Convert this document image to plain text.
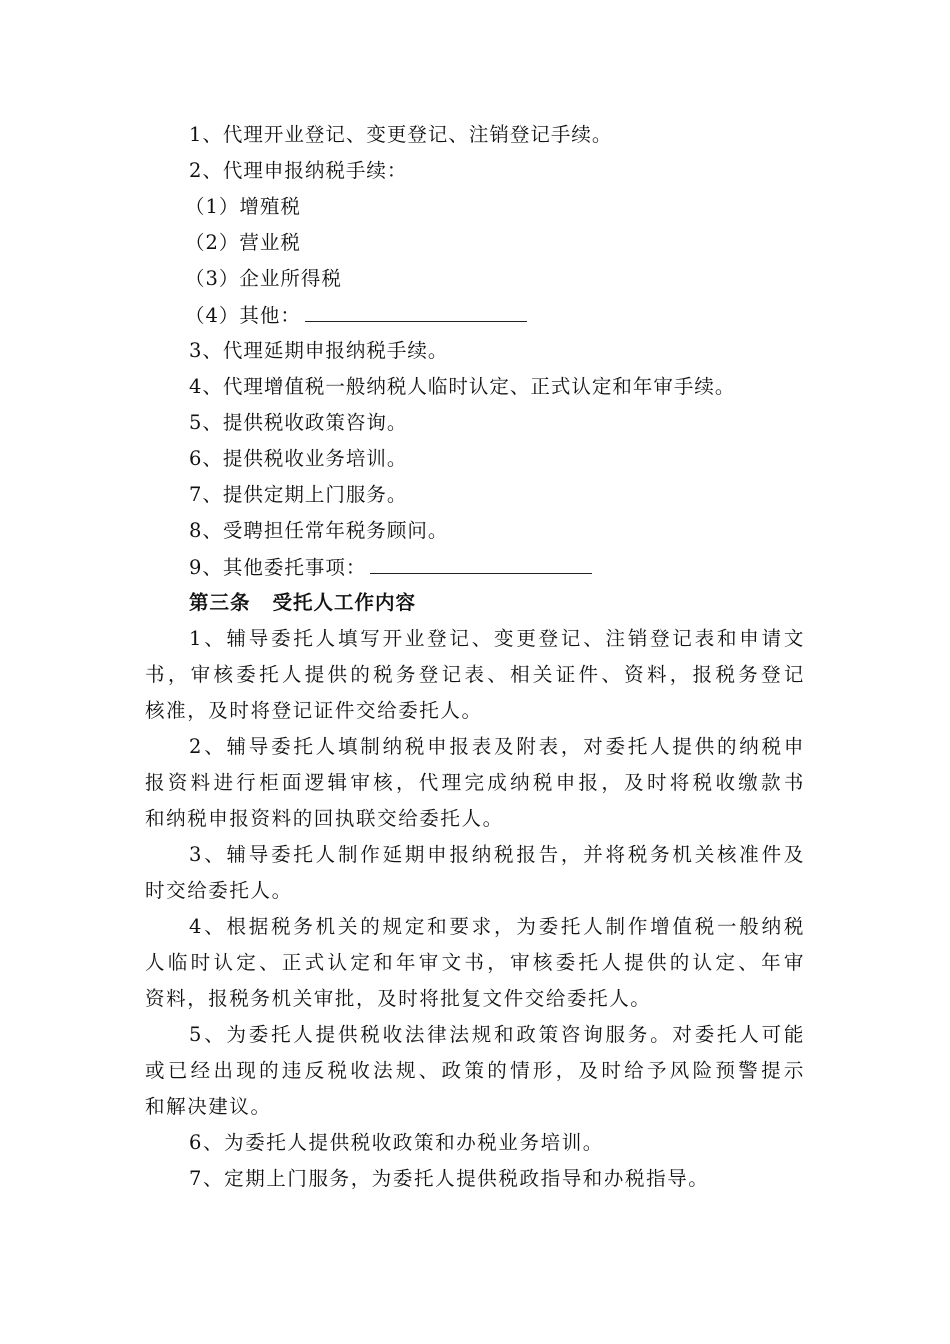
1、代理开业登记、变更登记、注销登记手续。
2、代理申报纳税手续：
（1）增殖税
（2）营业税
（3）企业所得税
（4）其他：
3、代理延期申报纳税手续。
4、代理增值税一般纳税人临时认定、正式认定和年审手续。
5、提供税收政策咨询。
6、提供税收业务培训。
7、提供定期上门服务。
8、受聘担任常年税务顾问。
9、其他委托事项：
第三条 受托人工作内容
1、辅导委托人填写开业登记、变更登记、注销登记表和申请文
书，审核委托人提供的税务登记表、相关证件、资料，报税务登记
核准，及时将登记证件交给委托人。
2、辅导委托人填制纳税申报表及附表，对委托人提供的纳税申
报资料进行柜面逻辑审核，代理完成纳税申报，及时将税收缴款书
和纳税申报资料的回执联交给委托人。
3、辅导委托人制作延期申报纳税报告，并将税务机关核准件及
时交给委托人。
4、根据税务机关的规定和要求，为委托人制作增值税一般纳税
人临时认定、正式认定和年审文书，审核委托人提供的认定、年审
资料，报税务机关审批，及时将批复文件交给委托人。
5、为委托人提供税收法律法规和政策咨询服务。对委托人可能
或已经出现的违反税收法规、政策的情形，及时给予风险预警提示
和解决建议。
6、为委托人提供税收政策和办税业务培训。
7、定期上门服务，为委托人提供税政指导和办税指导。
